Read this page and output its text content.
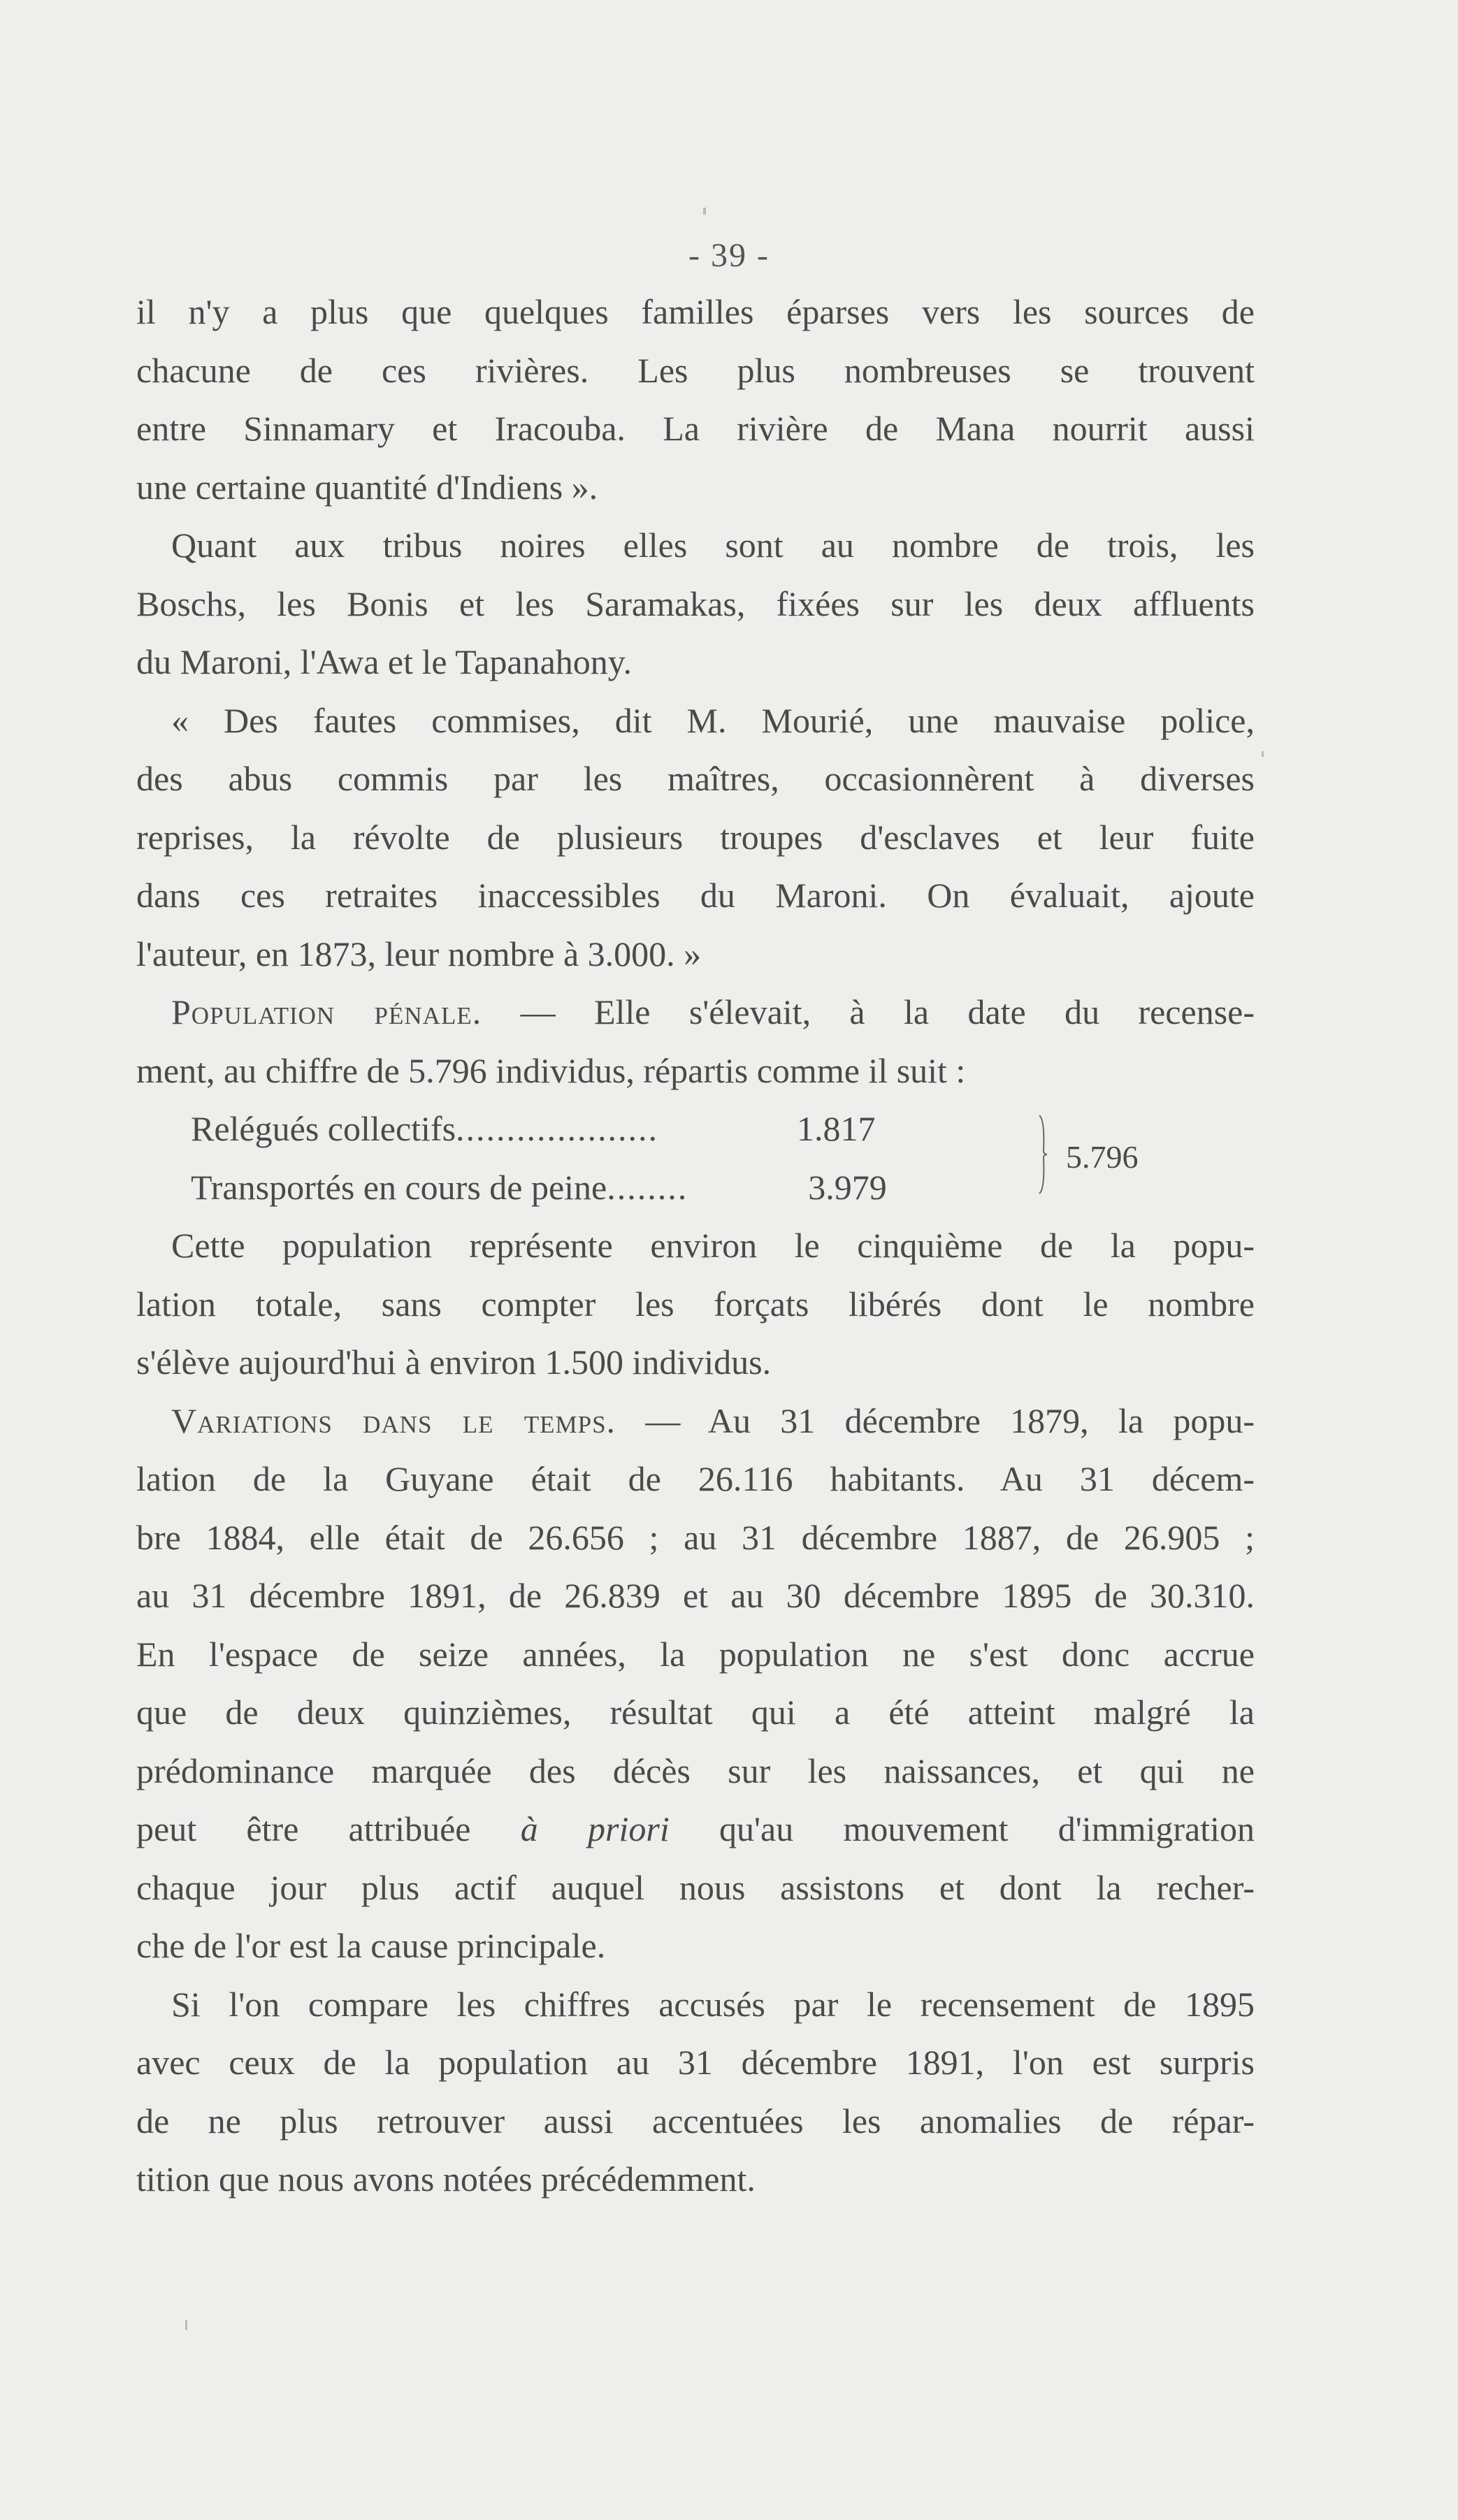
- 39 -
il n'y a plus que quelques familles éparses vers les sources de
chacune de ces rivières. Les plus nombreuses se trouvent
entre Sinnamary et Iracouba. La rivière de Mana nourrit aussi
une certaine quantité d'Indiens ».
Quant aux tribus noires elles sont au nombre de trois, les
Boschs, les Bonis et les Saramakas, fixées sur les deux affluents
du Maroni, l'Awa et le Tapanahony.
« Des fautes commises, dit M. Mourié, une mauvaise police,
des abus commis par les maîtres, occasionnèrent à diverses
reprises, la révolte de plusieurs troupes d'esclaves et leur fuite
dans ces retraites inaccessibles du Maroni. On évaluait, ajoute
l'auteur, en 1873, leur nombre à 3.000. »
Population pénale. — Elle s'élevait, à la date du recense-
ment, au chiffre de 5.796 individus, répartis comme il suit :
Relégués collectifs ....................	1.817
Transportés en cours de peine ........	3.979
5.796
Cette population représente environ le cinquième de la popu-
lation totale, sans compter les forçats libérés dont le nombre
s'élève aujourd'hui à environ 1.500 individus.
Variations dans le temps. — Au 31 décembre 1879, la popu-
lation de la Guyane était de 26.116 habitants. Au 31 décem-
bre 1884, elle était de 26.656 ; au 31 décembre 1887, de 26.905 ;
au 31 décembre 1891, de 26.839 et au 30 décembre 1895 de 30.310.
En l'espace de seize années, la population ne s'est donc accrue
que de deux quinzièmes, résultat qui a été atteint malgré la
prédominance marquée des décès sur les naissances, et qui ne
peut être attribuée à priori qu'au mouvement d'immigration
chaque jour plus actif auquel nous assistons et dont la recher-
che de l'or est la cause principale.
Si l'on compare les chiffres accusés par le recensement de 1895
avec ceux de la population au 31 décembre 1891, l'on est surpris
de ne plus retrouver aussi accentuées les anomalies de répar-
tition que nous avons notées précédemment.
